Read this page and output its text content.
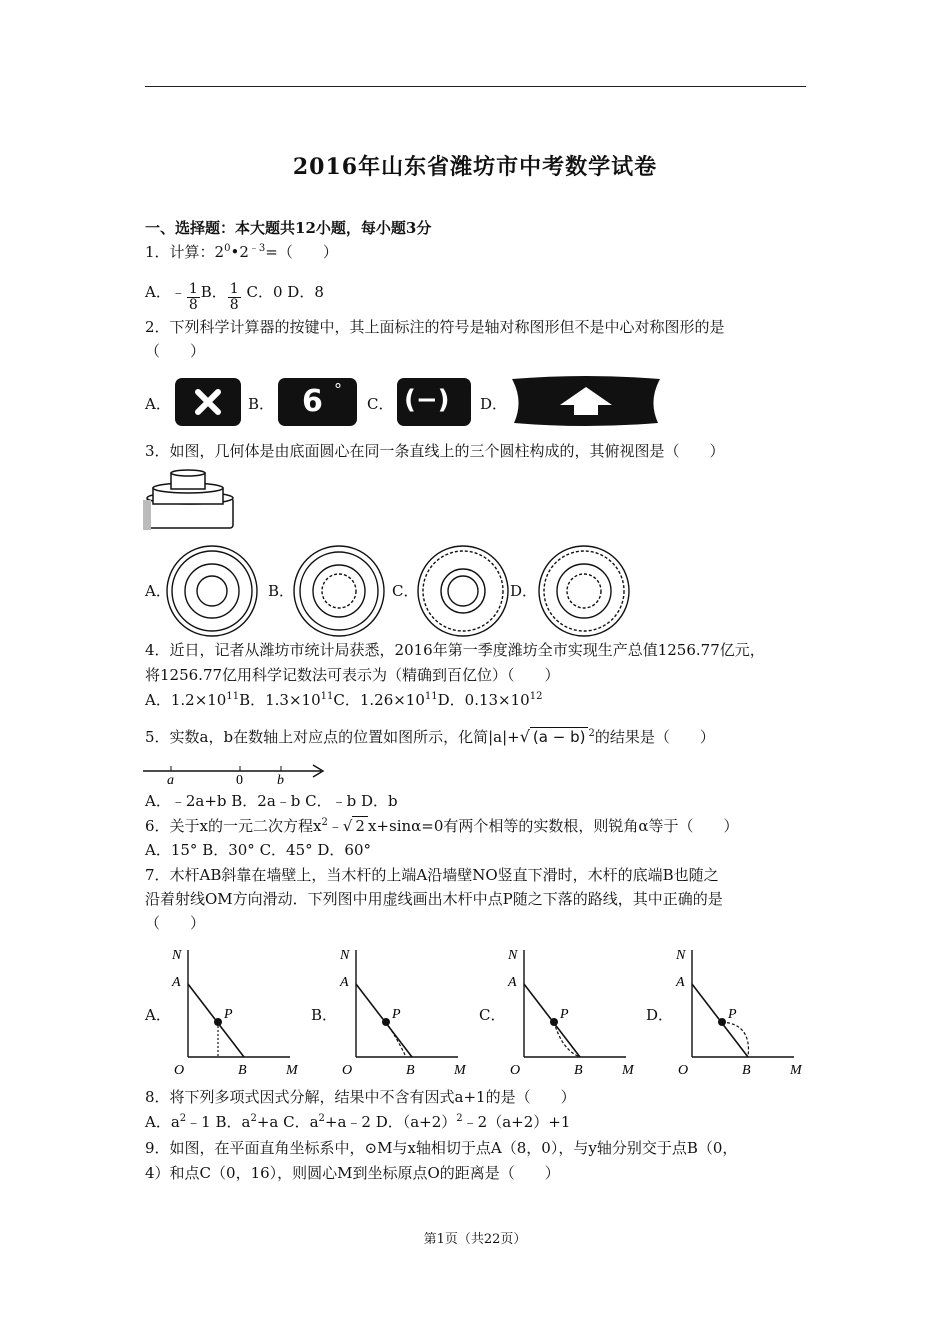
2016年山东省潍坊市中考数学试卷
一、选择题：本大题共12小题，每小题3分
1．计算：$2^0•2^{﹣3}=$（　　）
A．﹣ $\frac{1}{8}$ B． $\frac{1}{8}$ C．0 D．8
2．下列科学计算器的按键中，其上面标注的符号是轴对称图形但不是中心对称图形的是
（　　）
A．	B． 6 °
C． (−) D．
3．如图，几何体是由底面圆心在同一条直线上的三个圆柱构成的，其俯视图是（　　）
A．	B．	C．	D．
4．近日，记者从潍坊市统计局获悉，2016年第一季度潍坊全市实现生产总值1256.77亿元，
将1256.77亿用科学记数法可表示为（精确到百亿位）（　　）
A．$1.2\times 10^{11}B$．$1.3\times 10^{11}C$．$1.26\times 10^{11}D$．$0.13\times 10^{12}$
5．实数a，b在数轴上对应点的位置如图所示，化简|a|+√ (a − b) $^2$的结果是（　　）
a	0 b
A．﹣2a+b B．2a﹣b C．﹣b D．b
6．关于x的一元二次方程$x^2﹣√$ 2 x+sinα=0有两个相等的实数根，则锐角α等于（　　）
A．15° B．30° C．45° D．60°
7．木杆AB斜靠在墙壁上，当木杆的上端A沿墙壁NO竖直下滑时，木杆的底端B也随之
沿着射线OM方向滑动．下列图中用虚线画出木杆中点P随之下落的路线，其中正确的是
（　　）
A．	B．	C．	D．
N
A
P
O	B	M
N
A
P
O	B	M
N
A
P
O	B	M
N
A
P
O	B	M
8．将下列多项式因式分解，结果中不含有因式a+1的是（　　）
A．$a^2﹣1$ B．$a^2+a$ C．$a^2+a﹣2$ D．$(a+2)^2﹣2(a+2)+1$
9．如图，在平面直角坐标系中，⊙M与x轴相切于点A（8，0），与y轴分别交于点B（0，
4）和点C（0，16），则圆心M到坐标原点O的距离是（　　）
第1页（共22页）
